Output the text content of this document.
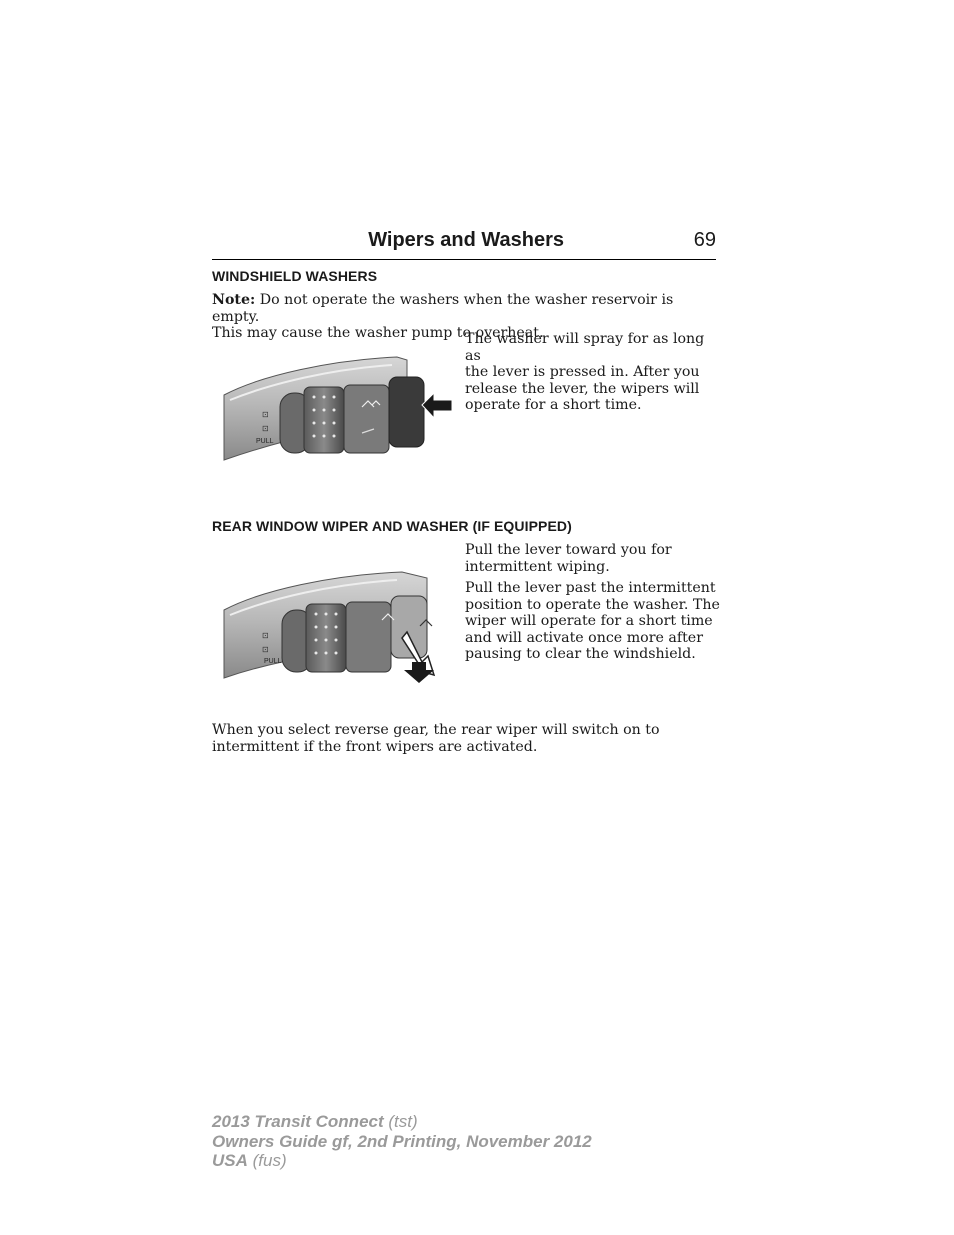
Wipers and Washers	69
WINDSHIELD WASHERS

Note: Do not operate the washers when the washer reservoir is empty.
This may cause the washer pump to overheat.

The washer will spray for as long as
the lever is pressed in. After you
release the lever, the wipers will
operate for a short time.

⊡
⊡
PULL
REAR WINDOW WIPER AND WASHER (IF EQUIPPED)

Pull the lever toward you for
intermittent wiping.

Pull the lever past the intermittent
position to operate the washer. The
wiper will operate for a short time
and will activate once more after
pausing to clear the windshield.

⊡
⊡
PULL

When you select reverse gear, the rear wiper will switch on to
intermittent if the front wipers are activated.

2013 Transit Connect (tst)
Owners Guide gf, 2nd Printing, November 2012
USA (fus)
